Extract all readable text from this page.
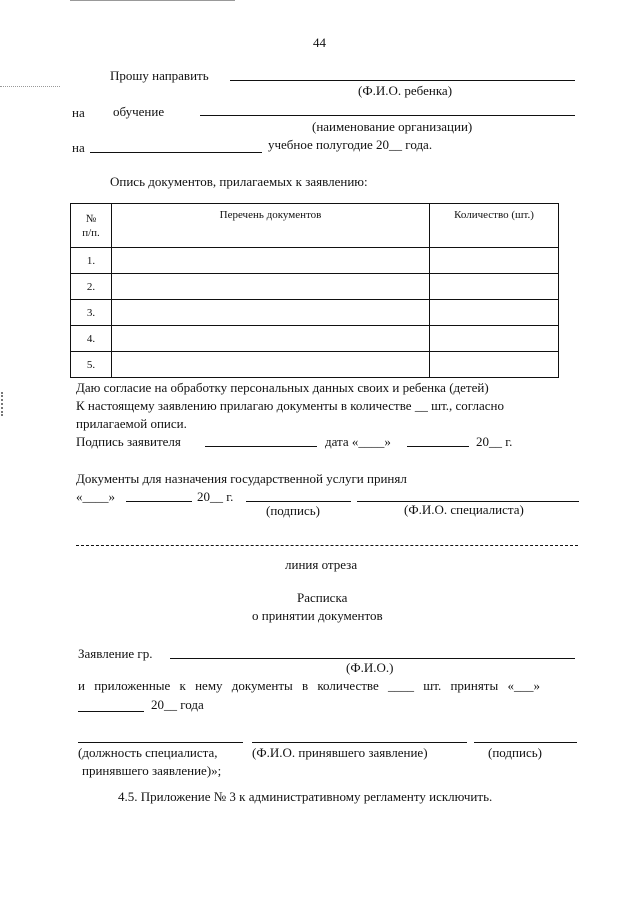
44
Прошу направить
(Ф.И.О. ребенка)
на обучение
(наименование организации)
на	учебное полугодие 20__ года.
Опись документов, прилагаемых к заявлению:
№ п/п.	Перечень документов	Количество (шт.)
1.		
2.		
3.		
4.		
5.		
Даю согласие на обработку персональных данных своих и ребенка (детей)
К настоящему заявлению прилагаю документы в количестве __ шт., согласно
прилагаемой описи.
Подпись заявителя	дата «____»	20__ г.
Документы для назначения государственной услуги принял
«____»	20__ г.
(подпись)	(Ф.И.О. специалиста)
линия отреза
Расписка
о принятии документов
Заявление гр.
(Ф.И.О.)
и приложенные к нему документы в количестве ____ шт. приняты «___»
20__ года
(должность специалиста,	(Ф.И.О. принявшего заявление)	(подпись)
принявшего заявление)»;
4.5. Приложение № 3 к административному регламенту исключить.
